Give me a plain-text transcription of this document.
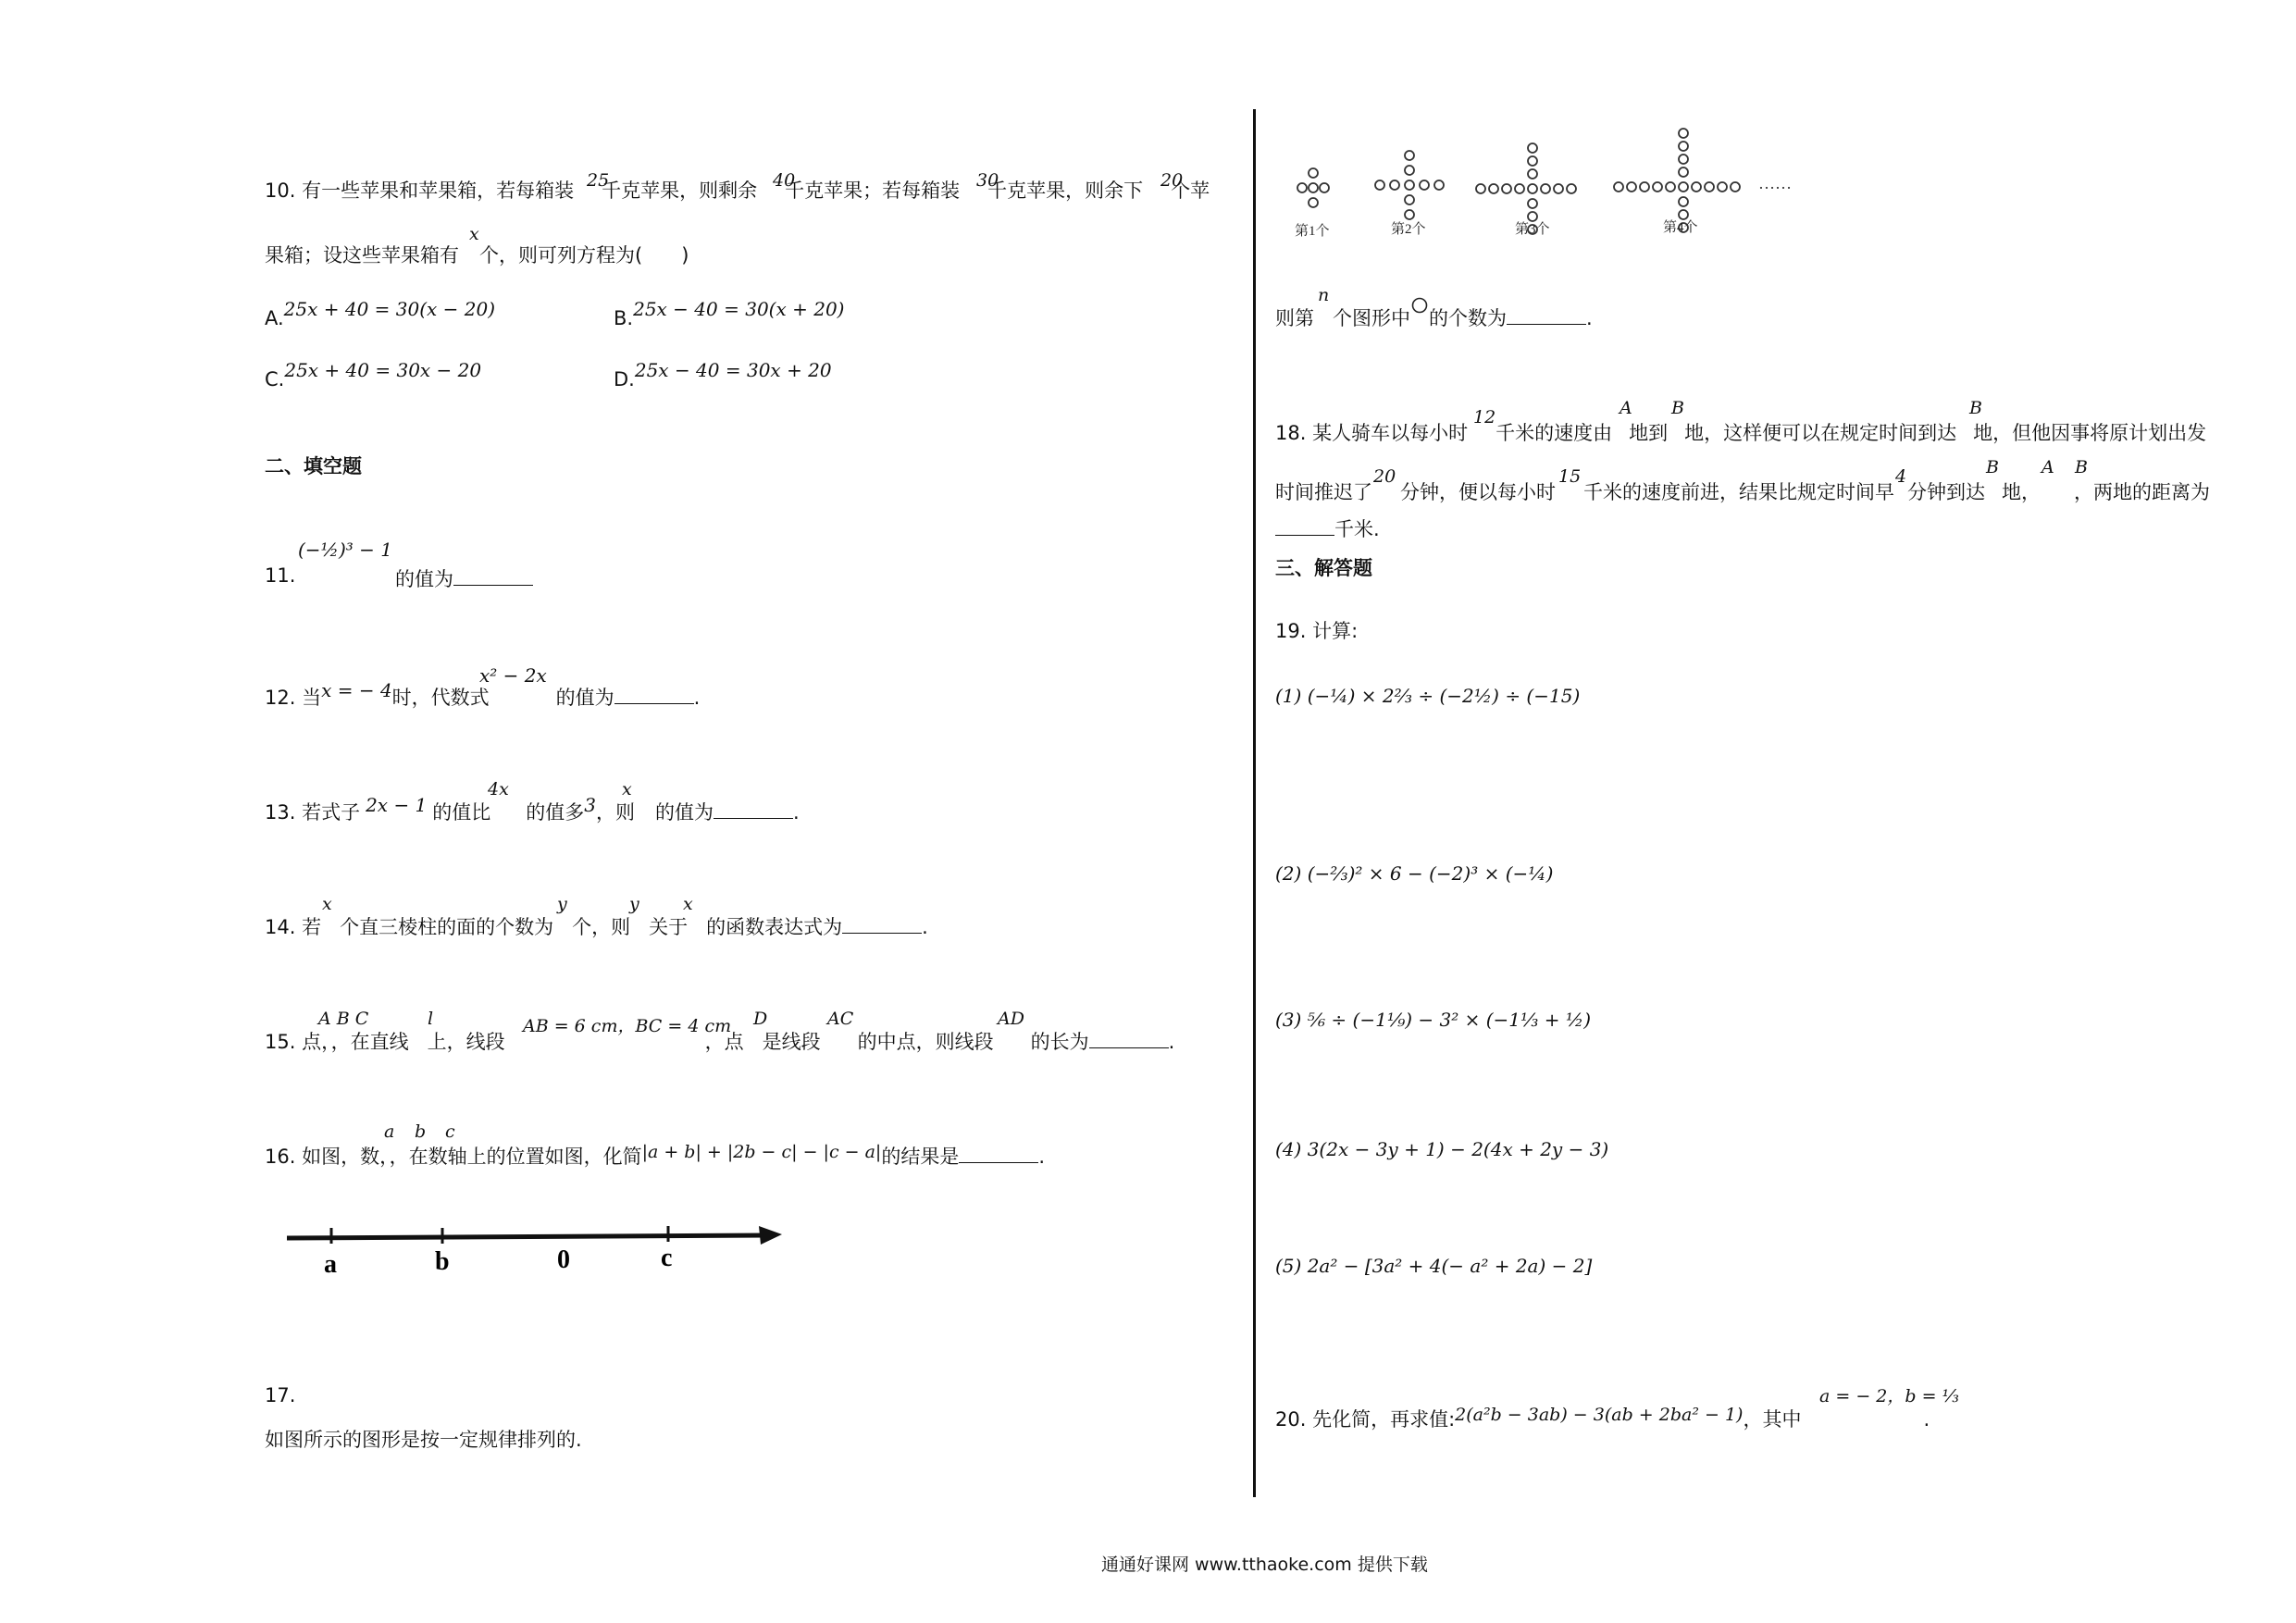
10. 有一些苹果和苹果箱，若每箱装 千克苹果，则剩余 千克苹果；若每箱装 千克苹果，则余下 个苹
25	40	30	20
果箱；设这些苹果箱有 个，则可列方程为(　　)
x
A.25x + 40 = 30(x − 20)	B.25x − 40 = 30(x + 20)
C.25x + 40 = 30x − 20	D.25x − 40 = 30x + 20
二、填空题
11.
(−½)³ − 1
的值为
12. 当x = − 4时，代数式	的值为	.
x² − 2x
13. 若式子 2x − 1 的值比 的值多3，则 的值为	.
4x	x
14. 若 个直三棱柱的面的个数为 个，则 关于 的函数表达式为	.
x	y	y x
15. 点，，在直线 上，线段	，点 是线段 的中点，则线段 的长为	.
A B C	l	AB = 6 cm，BC = 4 cm D	AC	AD
16. 如图，数，，在数轴上的位置如图，化简|a + b| + |2b − c| − |c − a|的结果是	.
a b c
a	b	0	c
17.
如图所示的图形是按一定规律排列的.
……
第1个	第2个	第3个	第4个
则第 个图形中 的个数为	.
n
18. 某人骑车以每小时 千米的速度由 地到 地，这样便可以在规定时间到达 地，但他因事将原计划出发
12	A B	B
时间推迟了 分钟，便以每小时 千米的速度前进，结果比规定时间早 分钟到达 地， ，两地的距离为
20	15	4	B A B
千米.
三、解答题
19. 计算:
(1) (−¼) × 2⅔ ÷ (−2½) ÷ (−15)
(2) (−⅔)² × 6 − (−2)³ × (−¼)
(3) ⅚ ÷ (−1⅑) − 3² × (−1⅓ + ½)
(4) 3(2x − 3y + 1) − 2(4x + 2y − 3)
(5) 2a² − [3a² + 4(− a² + 2a) − 2]
20. 先化简，再求值:2(a²b − 3ab) − 3(ab + 2ba² − 1)，其中	.
a = − 2，b = ⅓
通通好课网 www.tthaoke.com 提供下载
